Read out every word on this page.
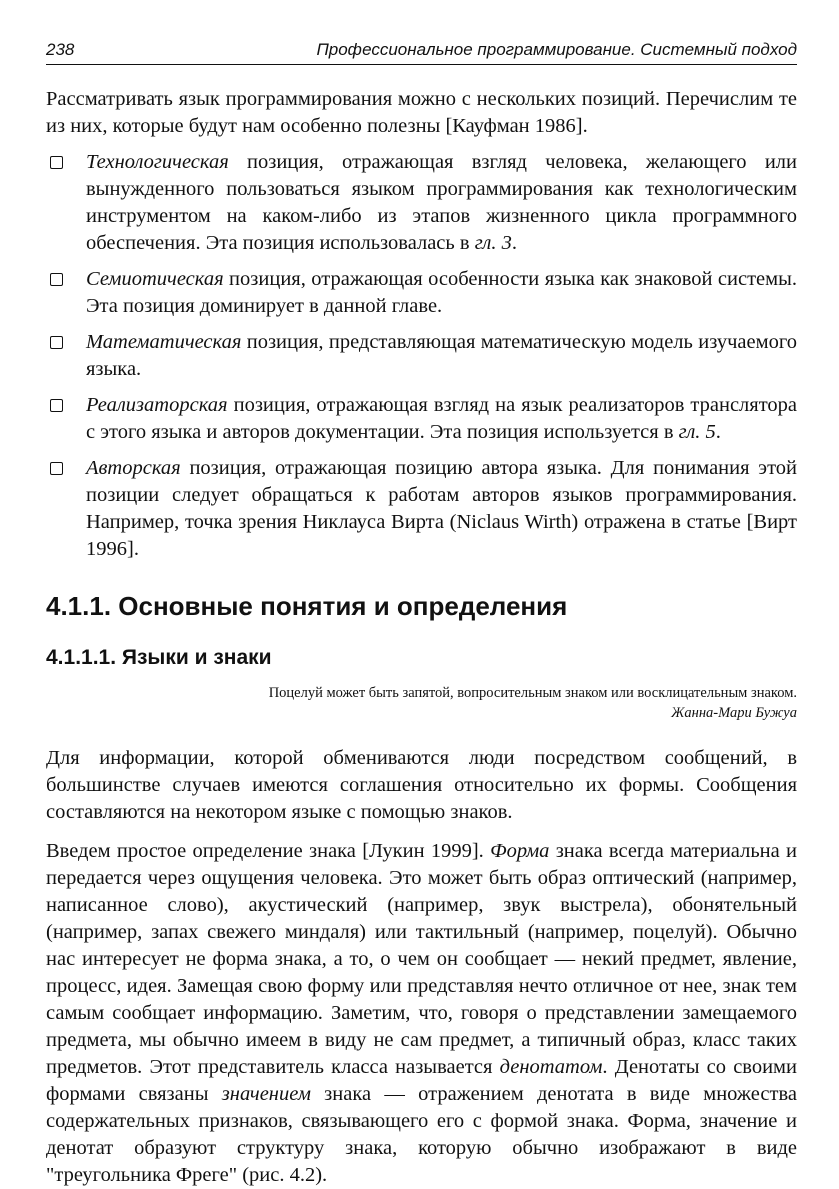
238	Профессиональное программирование. Системный подход

Рассматривать язык программирования можно с нескольких позиций. Перечислим те из них, которые будут нам особенно полезны [Кауфман 1986].

Технологическая позиция, отражающая взгляд человека, желающего или вынужденного пользоваться языком программирования как технологическим инструментом на каком-либо из этапов жизненного цикла программного обеспечения. Эта позиция использовалась в гл. 3.
Семиотическая позиция, отражающая особенности языка как знаковой системы. Эта позиция доминирует в данной главе.
Математическая позиция, представляющая математическую модель изучаемого языка.
Реализаторская позиция, отражающая взгляд на язык реализаторов транслятора с этого языка и авторов документации. Эта позиция используется в гл. 5.
Авторская позиция, отражающая позицию автора языка. Для понимания этой позиции следует обращаться к работам авторов языков программирования. Например, точка зрения Никлауса Вирта (Niclaus Wirth) отражена в статье [Вирт 1996].
4.1.1. Основные понятия и определения
4.1.1.1. Языки и знаки
Поцелуй может быть запятой, вопросительным знаком или восклицательным знаком.
Жанна-Мари Бужуа

Для информации, которой обмениваются люди посредством сообщений, в большинстве случаев имеются соглашения относительно их формы. Сообщения составляются на некотором языке с помощью знаков.

Введем простое определение знака [Лукин 1999]. Форма знака всегда материальна и передается через ощущения человека. Это может быть образ оптический (например, написанное слово), акустический (например, звук выстрела), обонятельный (например, запах свежего миндаля) или тактильный (например, поцелуй). Обычно нас интересует не форма знака, а то, о чем он сообщает — некий предмет, явление, процесс, идея. Замещая свою форму или представляя нечто отличное от нее, знак тем самым сообщает информацию. Заметим, что, говоря о представлении замещаемого предмета, мы обычно имеем в виду не сам предмет, а типичный образ, класс таких предметов. Этот представитель класса называется денотатом. Денотаты со своими формами связаны значением знака — отражением денотата в виде множества содержательных признаков, связывающего его с формой знака. Форма, значение и денотат образуют структуру знака, которую обычно изображают в виде "треугольника Фреге" (рис. 4.2).
